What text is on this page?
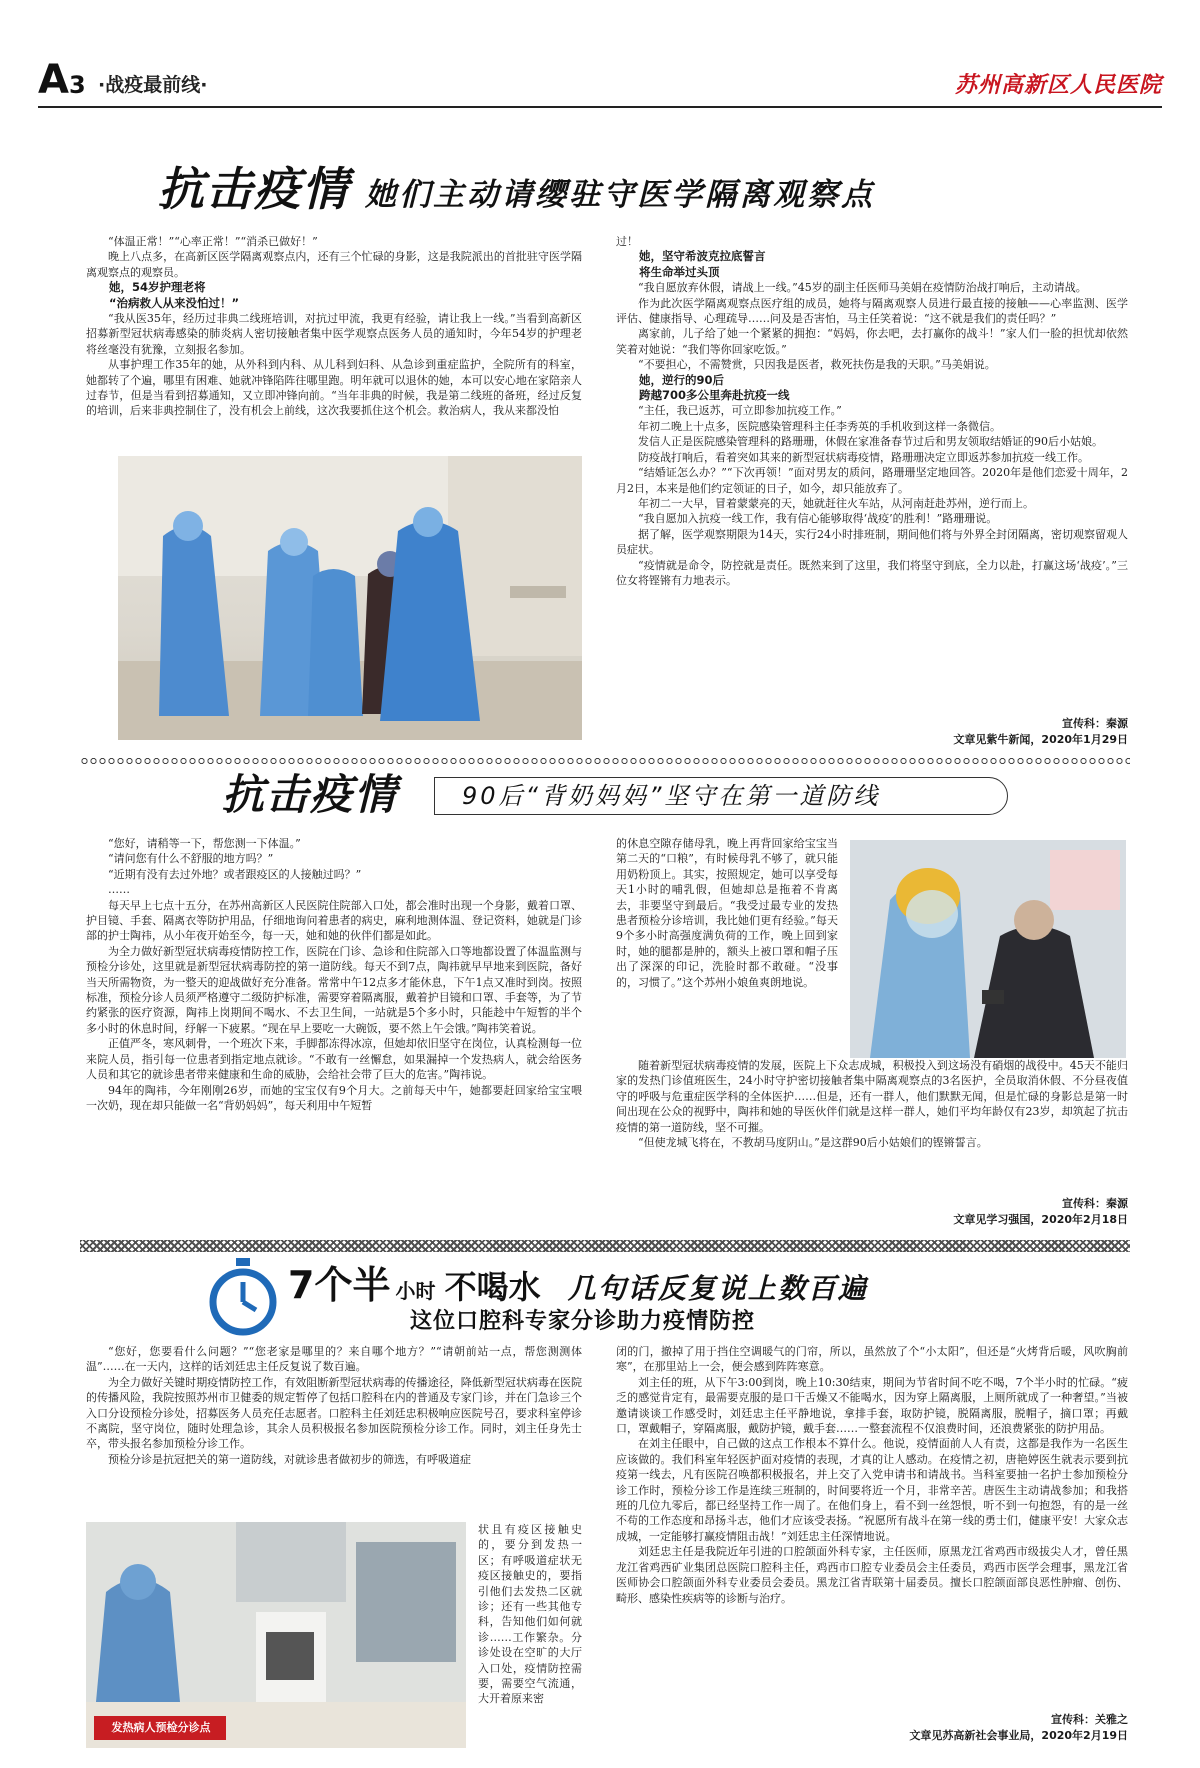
A3 ·战疫最前线·	苏州高新区人民医院
抗击疫情 她们主动请缨驻守医学隔离观察点
“体温正常！”“心率正常！”“消杀已做好！”
晚上八点多，在高新区医学隔离观察点内，还有三个忙碌的身影，这是我院派出的首批驻守医学隔离观察点的观察员。
她，54岁护理老将
“治病救人从来没怕过！”
“我从医35年，经历过非典二线班培训，对抗过甲流，我更有经验，请让我上一线。”当看到高新区招募新型冠状病毒感染的肺炎病人密切接触者集中医学观察点医务人员的通知时，今年54岁的护理老将丝毫没有犹豫，立刻报名参加。
从事护理工作35年的她，从外科到内科、从儿科到妇科、从急诊到重症监护，全院所有的科室，她都转了个遍，哪里有困难、她就冲锋陷阵往哪里跑。明年就可以退休的她，本可以安心地在家陪亲人过春节，但是当看到招募通知，又立即冲锋向前。“当年非典的时候，我是第二线班的备班，经过反复的培训，后来非典控制住了，没有机会上前线，这次我要抓住这个机会。救治病人，我从来都没怕
过！
她，坚守希波克拉底誓言
将生命举过头顶
“我自愿放弃休假，请战上一线。”45岁的副主任医师马美娟在疫情防治战打响后，主动请战。
作为此次医学隔离观察点医疗组的成员，她将与隔离观察人员进行最直接的接触——心率监测、医学评估、健康指导、心理疏导……问及是否害怕，马主任笑着说：“这不就是我们的责任吗？”
离家前，儿子给了她一个紧紧的拥抱：“妈妈，你去吧，去打赢你的战斗！”家人们一脸的担忧却依然笑着对她说：“我们等你回家吃饭。”
“不要担心，不需赞赏，只因我是医者，救死扶伤是我的天职。”马美娟说。
她，逆行的90后
跨越700多公里奔赴抗疫一线
“主任，我已返苏，可立即参加抗疫工作。”
年初二晚上十点多，医院感染管理科主任李秀英的手机收到这样一条微信。
发信人正是医院感染管理科的路珊珊，休假在家准备春节过后和男友领取结婚证的90后小姑娘。
防疫战打响后，看着突如其来的新型冠状病毒疫情，路珊珊决定立即返苏参加抗疫一线工作。
“结婚证怎么办？”“下次再领！”面对男友的质问，路珊珊坚定地回答。2020年是他们恋爱十周年，2月2日，本来是他们约定领证的日子，如今，却只能放弃了。
年初二一大早，冒着蒙蒙亮的天，她就赶往火车站，从河南赶赴苏州，逆行而上。
“我自愿加入抗疫一线工作，我有信心能够取得‘战疫’的胜利！”路珊珊说。
据了解，医学观察期限为14天，实行24小时排班制，期间他们将与外界全封闭隔离，密切观察留观人员症状。
“疫情就是命令，防控就是责任。既然来到了这里，我们将坚守到底，全力以赴，打赢这场‘战疫’。”三位女将铿锵有力地表示。
宣传科：秦源
文章见紫牛新闻，2020年1月29日
抗击疫情	90后“背奶妈妈”坚守在第一道防线
“您好，请稍等一下，帮您测一下体温。”
“请问您有什么不舒服的地方吗？”
“近期有没有去过外地？或者跟疫区的人接触过吗？”
……
每天早上七点十五分，在苏州高新区人民医院住院部入口处，都会准时出现一个身影，戴着口罩、护目镜、手套、隔离衣等防护用品，仔细地询问着患者的病史，麻利地测体温、登记资料，她就是门诊部的护士陶祎，从小年夜开始至今，每一天，她和她的伙伴们都是如此。
为全力做好新型冠状病毒疫情防控工作，医院在门诊、急诊和住院部入口等地都设置了体温监测与预检分诊处，这里就是新型冠状病毒防控的第一道防线。每天不到7点，陶祎就早早地来到医院，备好当天所需物资，为一整天的迎战做好充分准备。常常中午12点多才能休息，下午1点又准时到岗。按照标准，预检分诊人员须严格遵守二级防护标准，需要穿着隔离服，戴着护目镜和口罩、手套等，为了节约紧张的医疗资源，陶祎上岗期间不喝水、不去卫生间，一站就是5个多小时，只能趁中午短暂的半个多小时的休息时间，纾解一下疲累。“现在早上要吃一大碗饭，要不然上午会饿。”陶祎笑着说。
正值严冬，寒风刺骨，一个班次下来，手脚都冻得冰凉，但她却依旧坚守在岗位，认真检测每一位来院人员，指引每一位患者到指定地点就诊。“不敢有一丝懈怠，如果漏掉一个发热病人，就会给医务人员和其它的就诊患者带来健康和生命的威胁，会给社会带了巨大的危害。”陶祎说。
94年的陶祎，今年刚刚26岁，而她的宝宝仅有9个月大。之前每天中午，她都要赶回家给宝宝喂一次奶，现在却只能做一名“背奶妈妈”，每天利用中午短暂
的休息空隙存储母乳，晚上再背回家给宝宝当第二天的“口粮”，有时候母乳不够了，就只能用奶粉顶上。其实，按照规定，她可以享受每天1小时的哺乳假，但她却总是拖着不肯离去，非要坚守到最后。“我受过最专业的发热患者预检分诊培训，我比她们更有经验。”每天9个多小时高强度满负荷的工作，晚上回到家时，她的腿都是肿的，额头上被口罩和帽子压出了深深的印记，洗脸时都不敢碰。“没事的，习惯了。”这个苏州小娘鱼爽朗地说。
随着新型冠状病毒疫情的发展，医院上下众志成城，积极投入到这场没有硝烟的战役中。45天不能归家的发热门诊值班医生，24小时守护密切接触者集中隔离观察点的3名医护，全员取消休假、不分昼夜值守的呼吸与危重症医学科的全体医护……但是，还有一群人，他们默默无闻，但是忙碌的身影总是第一时间出现在公众的视野中，陶祎和她的导医伙伴们就是这样一群人，她们平均年龄仅有23岁，却筑起了抗击疫情的第一道防线，坚不可摧。
“但使龙城飞将在，不教胡马度阴山。”是这群90后小姑娘们的铿锵誓言。
宣传科：秦源
文章见学习强国，2020年2月18日
7个半 小时 不喝水 几句话反复说上数百遍
这位口腔科专家分诊助力疫情防控
“您好，您要看什么问题？”“您老家是哪里的？来自哪个地方？”“请朝前站一点，帮您测测体温”……在一天内，这样的话刘廷忠主任反复说了数百遍。
为全力做好关键时期疫情防控工作，有效阻断新型冠状病毒的传播途径，降低新型冠状病毒在医院的传播风险，我院按照苏州市卫健委的规定暂停了包括口腔科在内的普通及专家门诊，并在门急诊三个入口分设预检分诊处，招募医务人员充任志愿者。口腔科主任刘廷忠积极响应医院号召，要求科室停诊不离院，坚守岗位，随时处理急诊，其余人员积极报名参加医院预检分诊工作。同时，刘主任身先士卒，带头报名参加预检分诊工作。
预检分诊是抗冠把关的第一道防线，对就诊患者做初步的筛选，有呼吸道症
发热病人预检分诊点
状且有疫区接触史的，要分到发热一区；有呼吸道症状无疫区接触史的，要指引他们去发热二区就诊；还有一些其他专科，告知他们如何就诊……工作繁杂。分诊处设在空旷的大厅入口处，疫情防控需要，需要空气流通，大开着原来密
闭的门，撤掉了用于挡住空调暖气的门帘，所以，虽然放了个“小太阳”，但还是“火烤背后暖，风吹胸前寒”，在那里站上一会，便会感到阵阵寒意。
刘主任的班，从下午3:00到岗，晚上10:30结束，期间为节省时间不吃不喝，7个半小时的忙碌。“疲乏的感觉肯定有，最需要克服的是口干舌燥又不能喝水，因为穿上隔离服，上厕所就成了一种奢望。”当被邀请谈谈工作感受时，刘廷忠主任平静地说，拿排手套，取防护镜，脱隔离服，脱帽子，摘口罩；再戴口，罩戴帽子，穿隔离服，戴防护镜，戴手套……一整套流程不仅浪费时间，还浪费紧张的防护用品。
在刘主任眼中，自己做的这点工作根本不算什么。他说，疫情面前人人有责，这都是我作为一名医生应该做的。我们科室年轻医护面对疫情的表现，才真的让人感动。在疫情之初，唐艳婷医生就表示要到抗疫第一线去，凡有医院召唤都积极报名，并上交了入党申请书和请战书。当科室要抽一名护士参加预检分诊工作时，预检分诊工作是连续三班制的，时间要将近一个月，非常辛苦。唐医生主动请战参加；和我搭班的几位九零后，都已经坚持工作一周了。在他们身上，看不到一丝怨恨，听不到一句抱怨，有的是一丝不苟的工作态度和昂扬斗志，他们才应该受表扬。“祝愿所有战斗在第一线的勇士们，健康平安！大家众志成城，一定能够打赢疫情阻击战！”刘廷忠主任深情地说。
刘廷忠主任是我院近年引进的口腔颌面外科专家，主任医师，原黑龙江省鸡西市级拔尖人才，曾任黑龙江省鸡西矿业集团总医院口腔科主任，鸡西市口腔专业委员会主任委员，鸡西市医学会理事，黑龙江省医师协会口腔颌面外科专业委员会委员。黑龙江省青联第十届委员。擅长口腔颌面部良恶性肿瘤、创伤、畸形、感染性疾病等的诊断与治疗。
宣传科：关雅之
文章见苏高新社会事业局，2020年2月19日
